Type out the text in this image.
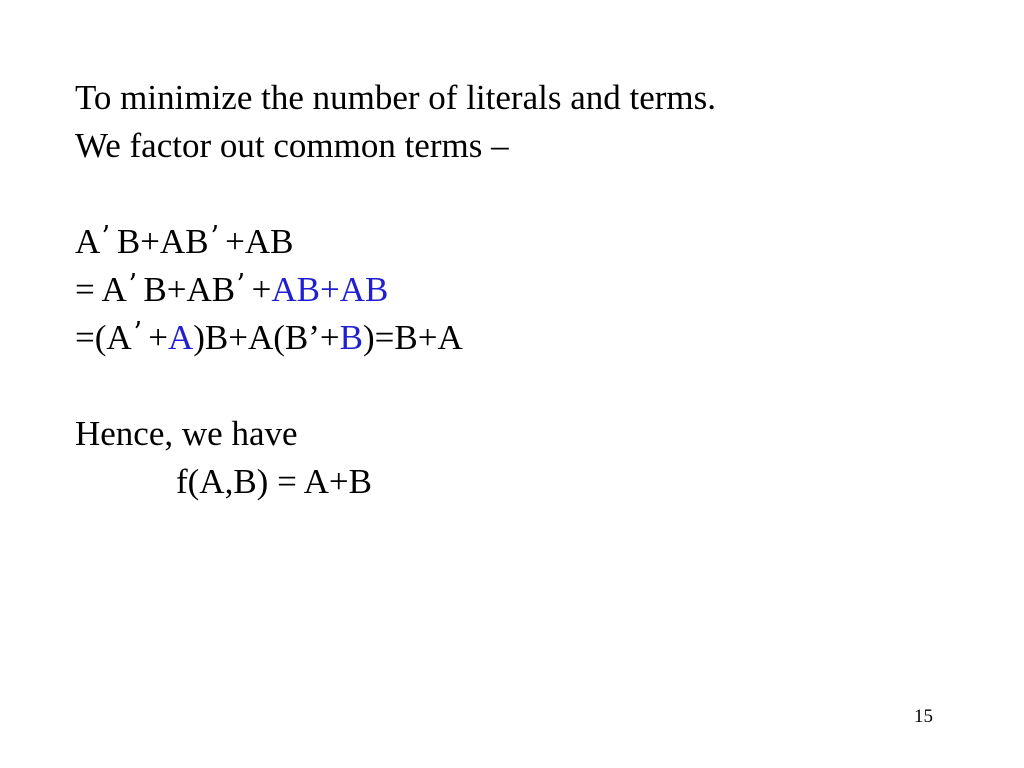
To minimize the number of literals and terms.
We factor out common terms –
A’ B+AB’ +AB
= A’ B+AB’ +AB+AB
=(A’ +A)B+A(B’+B)=B+A
Hence, we have
f(A,B) = A+B
15
